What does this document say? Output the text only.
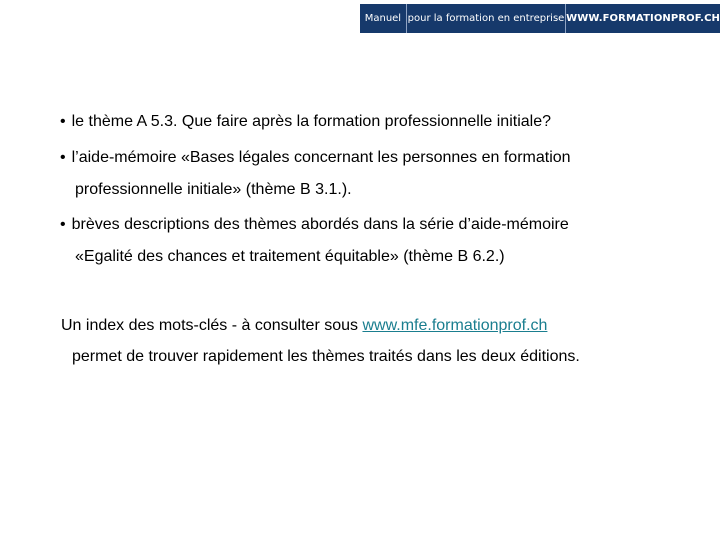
Manuel pour la formation en entreprise WWW.FORMATIONPROF.CH
• le thème A 5.3. Que faire après la formation professionnelle initiale?
• l’aide-mémoire «Bases légales concernant les personnes en formation
professionnelle initiale» (thème B 3.1.).
• brèves descriptions des thèmes abordés dans la série d’aide-mémoire
«Egalité des chances et traitement équitable» (thème B 6.2.)
Un index des mots-clés - à consulter sous www.mfe.formationprof.ch
permet de trouver rapidement les thèmes traités dans les deux éditions.
